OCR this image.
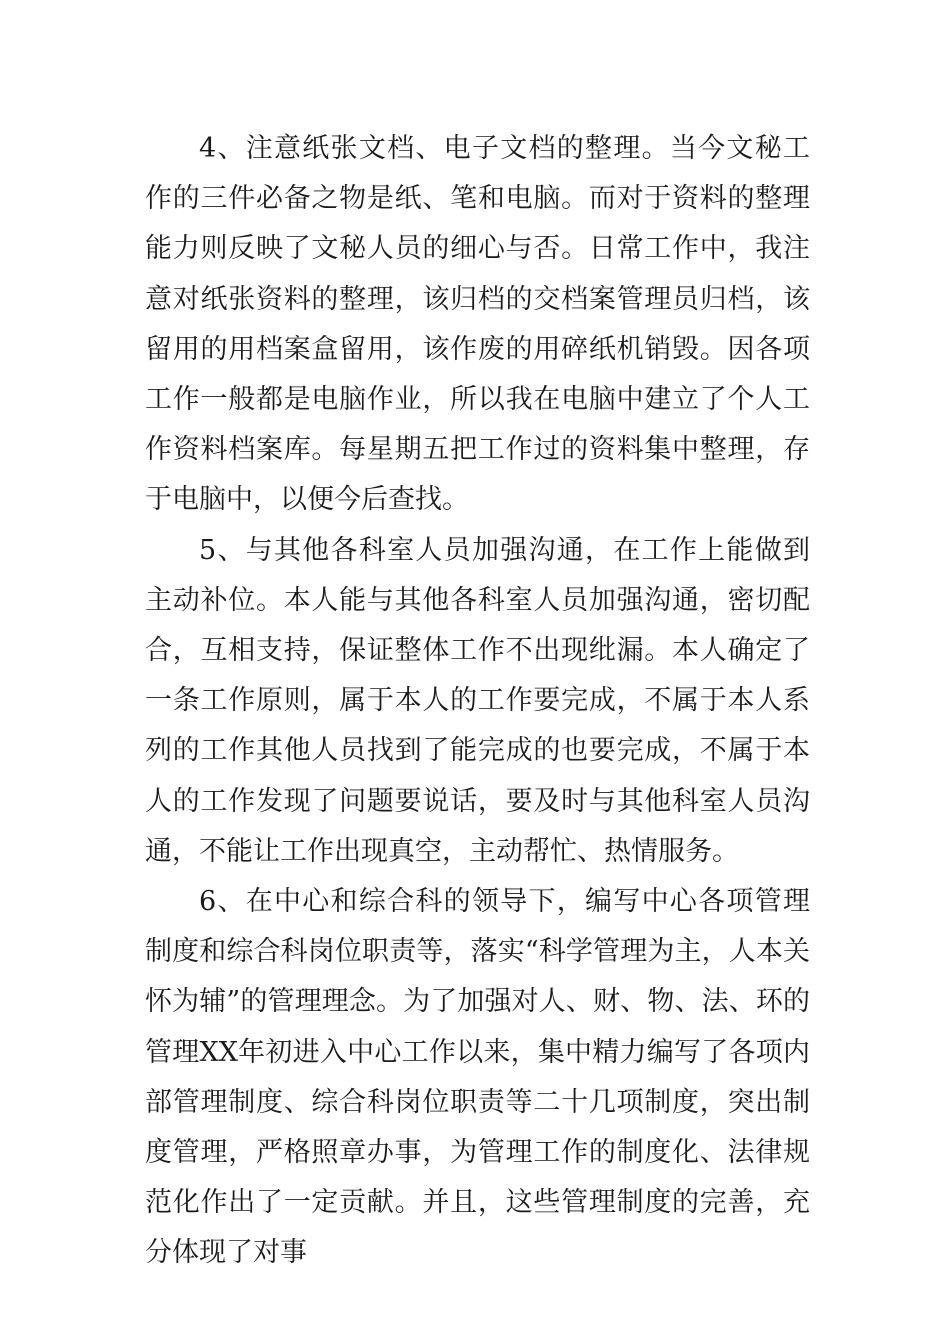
4、注意纸张文档、电子文档的整理。当今文秘工作的三件必备之物是纸、笔和电脑。而对于资料的整理能力则反映了文秘人员的细心与否。日常工作中，我注意对纸张资料的整理，该归档的交档案管理员归档，该留用的用档案盒留用，该作废的用碎纸机销毁。因各项工作一般都是电脑作业，所以我在电脑中建立了个人工作资料档案库。每星期五把工作过的资料集中整理，存于电脑中，以便今后查找。

5、与其他各科室人员加强沟通，在工作上能做到主动补位。本人能与其他各科室人员加强沟通，密切配合，互相支持，保证整体工作不出现纰漏。本人确定了一条工作原则，属于本人的工作要完成，不属于本人系列的工作其他人员找到了能完成的也要完成，不属于本人的工作发现了问题要说话，要及时与其他科室人员沟通，不能让工作出现真空，主动帮忙、热情服务。

6、在中心和综合科的领导下，编写中心各项管理制度和综合科岗位职责等，落实“科学管理为主，人本关怀为辅”的管理理念。为了加强对人、财、物、法、环的管理XX年初进入中心工作以来，集中精力编写了各项内部管理制度、综合科岗位职责等二十几项制度，突出制度管理，严格照章办事，为管理工作的制度化、法律规范化作出了一定贡献。并且，这些管理制度的完善，充分体现了对事
